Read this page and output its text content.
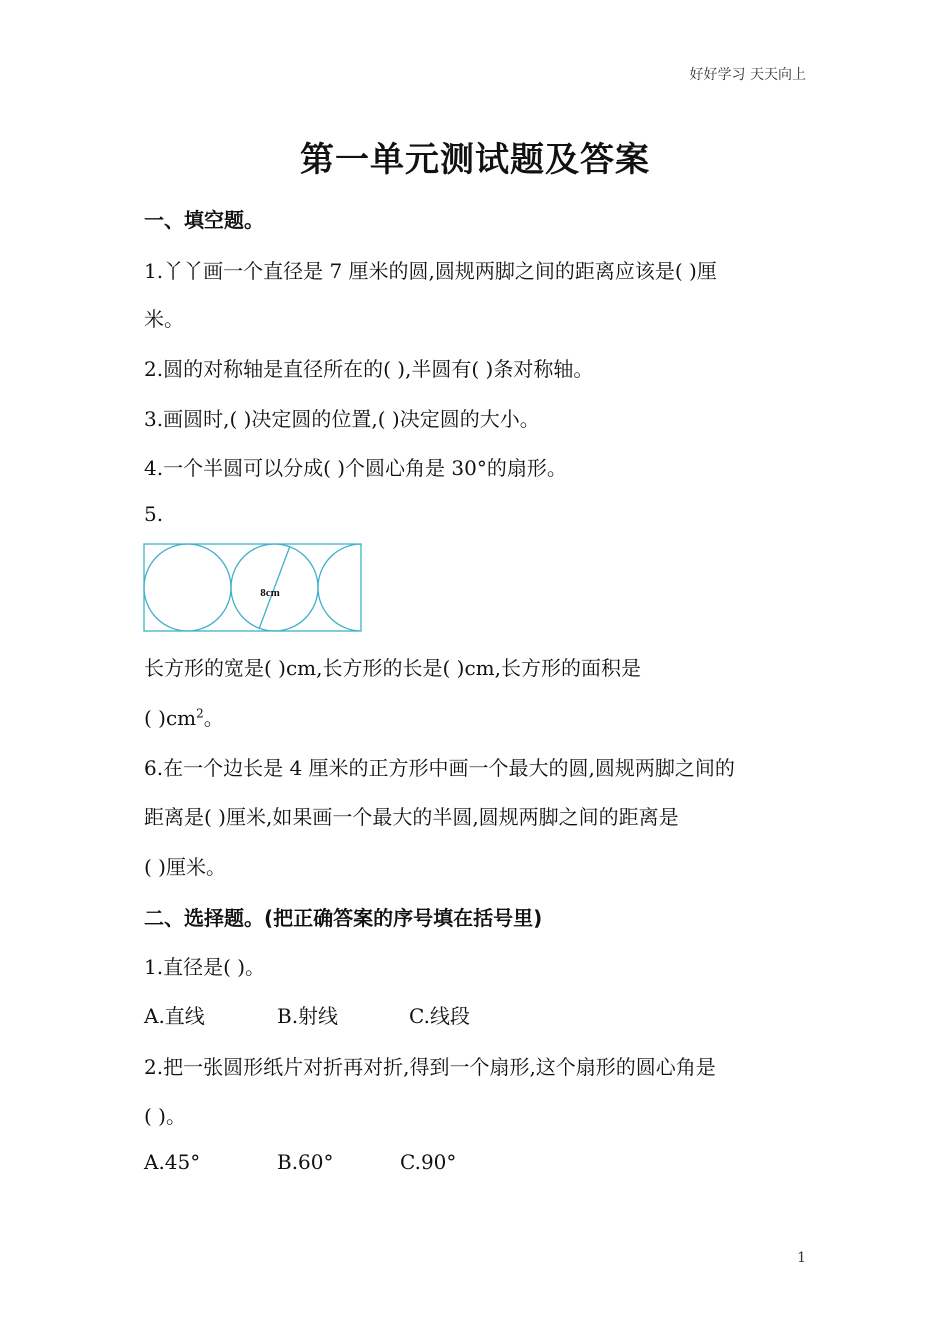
好好学习 天天向上
第一单元测试题及答案
一、填空题。
1.丫丫画一个直径是 7 厘米的圆,圆规两脚之间的距离应该是( )厘
米。
2.圆的对称轴是直径所在的( ),半圆有( )条对称轴。
3.画圆时,( )决定圆的位置,( )决定圆的大小。
4.一个半圆可以分成( )个圆心角是 30°的扇形。
5.
8cm
长方形的宽是( )cm,长方形的长是( )cm,长方形的面积是
( )$cm^2$。
6.在一个边长是 4 厘米的正方形中画一个最大的圆,圆规两脚之间的
距离是( )厘米,如果画一个最大的半圆,圆规两脚之间的距离是
( )厘米。
二、选择题。(把正确答案的序号填在括号里)
1.直径是( )。
A.直线	B.射线	C.线段
2.把一张圆形纸片对折再对折,得到一个扇形,这个扇形的圆心角是
( )。
A.45°	B.60°	C.90°
1
